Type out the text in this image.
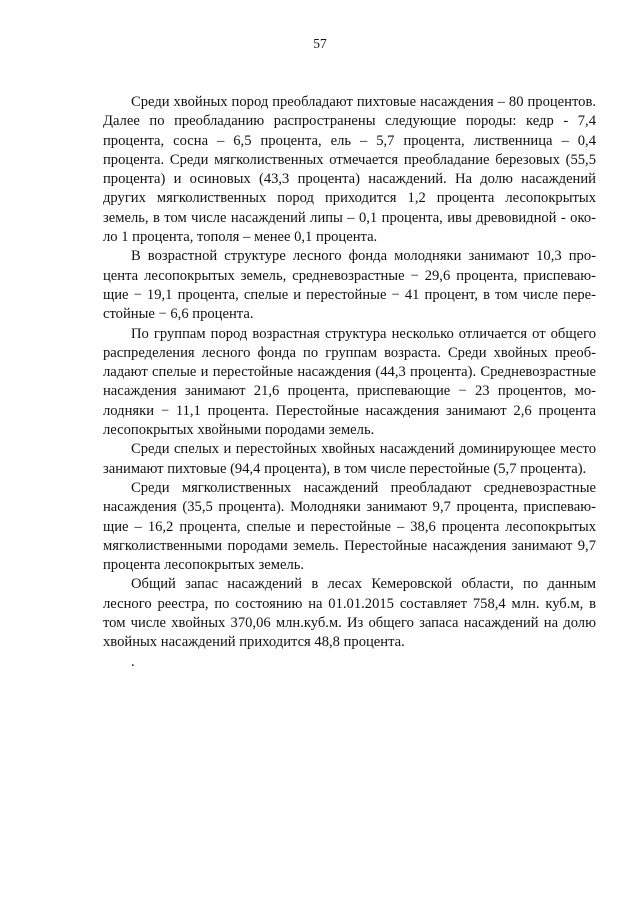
57

Среди хвойных пород преобладают пихтовые насаждения – 80 процентов. Далее по преобладанию распространены следующие породы: кедр - 7,4 процента, сосна – 6,5 процента, ель – 5,7 процента, лиственница – 0,4 процента. Среди мягколиственных отмечается преобладание березовых (55,5 процента) и осиновых (43,3 процента) насаждений. На долю насаждений других мягколиственных пород приходится 1,2 процента лесопокрытых земель, в том числе насаждений липы – 0,1 процента, ивы древовидной - около 1 процента, тополя – менее 0,1 процента.

В возрастной структуре лесного фонда молодняки занимают 10,3 процента лесопокрытых земель, средневозрастные − 29,6 процента, приспевающие − 19,1 процента, спелые и перестойные − 41 процент, в том числе перестойные − 6,6 процента.

По группам пород возрастная структура несколько отличается от общего распределения лесного фонда по группам возраста. Среди хвойных преобладают спелые и перестойные насаждения (44,3 процента). Средневозрастные насаждения занимают 21,6 процента, приспевающие − 23 процентов, молодняки − 11,1 процента. Перестойные насаждения занимают 2,6 процента лесопокрытых хвойными породами земель.

Среди спелых и перестойных хвойных насаждений доминирующее место занимают пихтовые (94,4 процента), в том числе перестойные (5,7 процента).

Среди мягколиственных насаждений преобладают средневозрастные насаждения (35,5 процента). Молодняки занимают 9,7 процента, приспевающие – 16,2 процента, спелые и перестойные – 38,6 процента лесопокрытых мягколиственными породами земель. Перестойные насаждения занимают 9,7 процента лесопокрытых земель.

Общий запас насаждений в лесах Кемеровской области, по данным лесного реестра, по состоянию на 01.01.2015 составляет 758,4 млн. куб.м, в том числе хвойных 370,06 млн.куб.м. Из общего запаса насаждений на долю хвойных насаждений приходится 48,8 процента.

.
